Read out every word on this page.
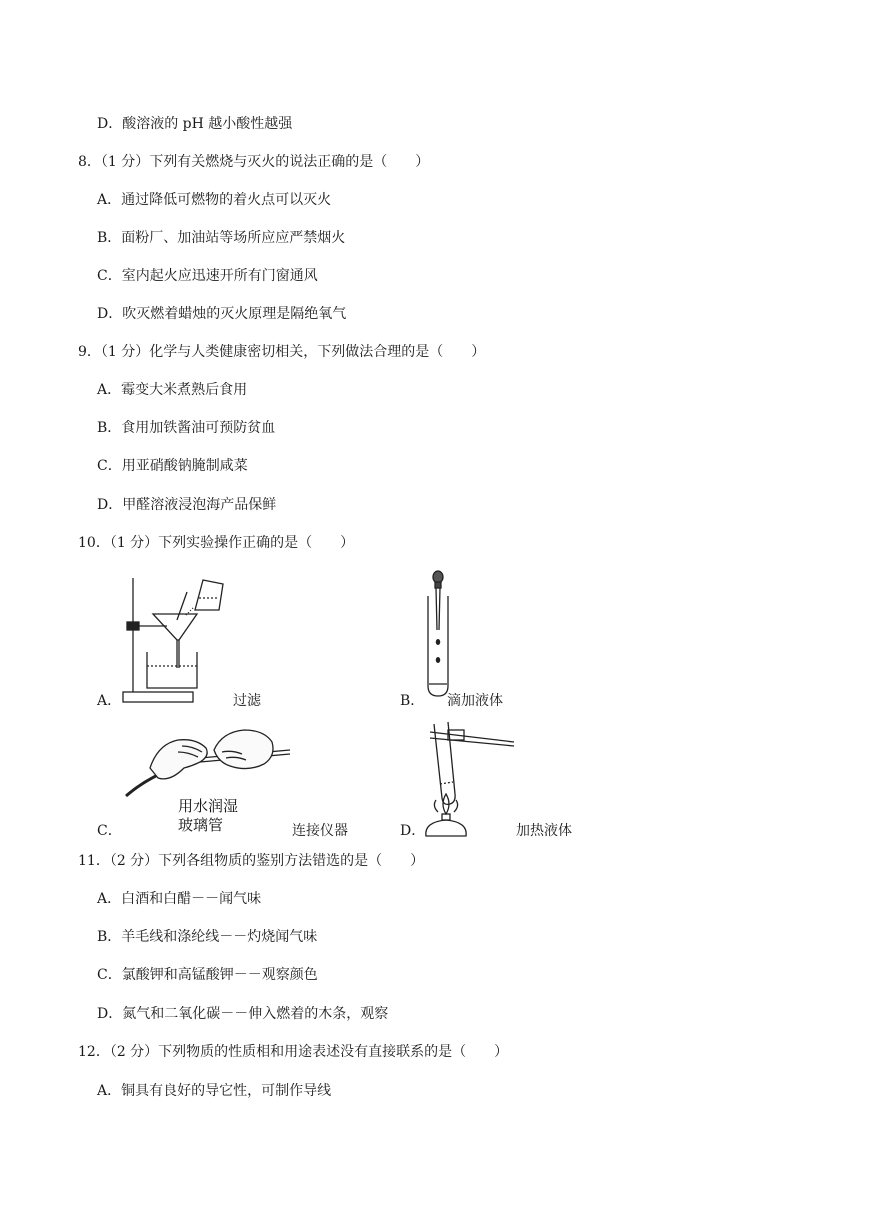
D．酸溶液的 pH 越小酸性越强
8．（1 分）下列有关燃烧与灭火的说法正确的是（　　）
A．通过降低可燃物的着火点可以灭火
B．面粉厂、加油站等场所应应严禁烟火
C．室内起火应迅速开所有门窗通风
D．吹灭燃着蜡烛的灭火原理是隔绝氧气
9．（1 分）化学与人类健康密切相关，下列做法合理的是（　　）
A．霉变大米煮熟后食用
B．食用加铁酱油可预防贫血
C．用亚硝酸钠腌制咸菜
D．甲醛溶液浸泡海产品保鲜
10．（1 分）下列实验操作正确的是（　　）
A．	过滤	B． 滴加液体
用水润湿
玻璃管
C．	连接仪器	D．	加热液体
11．（2 分）下列各组物质的鉴别方法错选的是（　　）
A．白酒和白醋－－闻气味
B．羊毛线和涤纶线－－灼烧闻气味
C．氯酸钾和高锰酸钾－－观察颜色
D．氮气和二氧化碳－－伸入燃着的木条，观察
12．（2 分）下列物质的性质相和用途表述没有直接联系的是（　　）
A．铜具有良好的导它性，可制作导线
